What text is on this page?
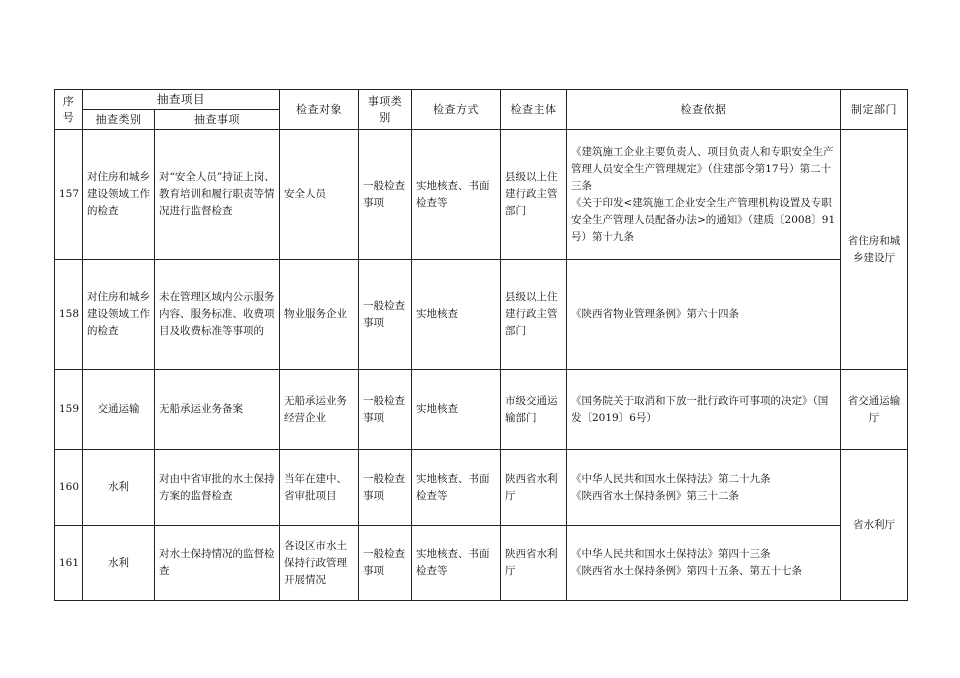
序号	抽查项目		检查对象	事项类别	检查方式	检查主体	检查依据	制定部门
	抽查类别	抽查事项						
157	对住房和城乡建设领域工作的检查	对“安全人员”持证上岗、教育培训和履行职责等情况进行监督检查	安全人员	一般检查事项	实地核查、书面检查等	县级以上住建行政主管部门	《建筑施工企业主要负责人、项目负责人和专职安全生产管理人员安全生产管理规定》（住建部令第17号）第二十三条
《关于印发<建筑施工企业安全生产管理机构设置及专职安全生产管理人员配备办法>的通知》（建质〔2008〕91号）第十九条	省住房和城乡建设厅
158	对住房和城乡建设领域工作的检查	未在管理区域内公示服务内容、服务标准、收费项目及收费标准等事项的	物业服务企业	一般检查事项	实地核查	县级以上住建行政主管部门	《陕西省物业管理条例》第六十四条	

159	交通运输	无船承运业务备案	无船承运业务经营企业	一般检查事项	实地核查	市级交通运输部门	《国务院关于取消和下放一批行政许可事项的决定》（国发〔2019〕6号）	省交通运输厅
160	水利	对由中省审批的水土保持方案的监督检查	当年在建中、省审批项目	一般检查事项	实地核查、书面检查等	陕西省水利厅	《中华人民共和国水土保持法》第二十九条
《陕西省水土保持条例》第三十二条	省水利厅
161	水利	对水土保持情况的监督检查	各设区市水土保持行政管理开展情况	一般检查事项	实地核查、书面检查等	陕西省水利厅	《中华人民共和国水土保持法》第四十三条
《陕西省水土保持条例》第四十五条、第五十七条	
